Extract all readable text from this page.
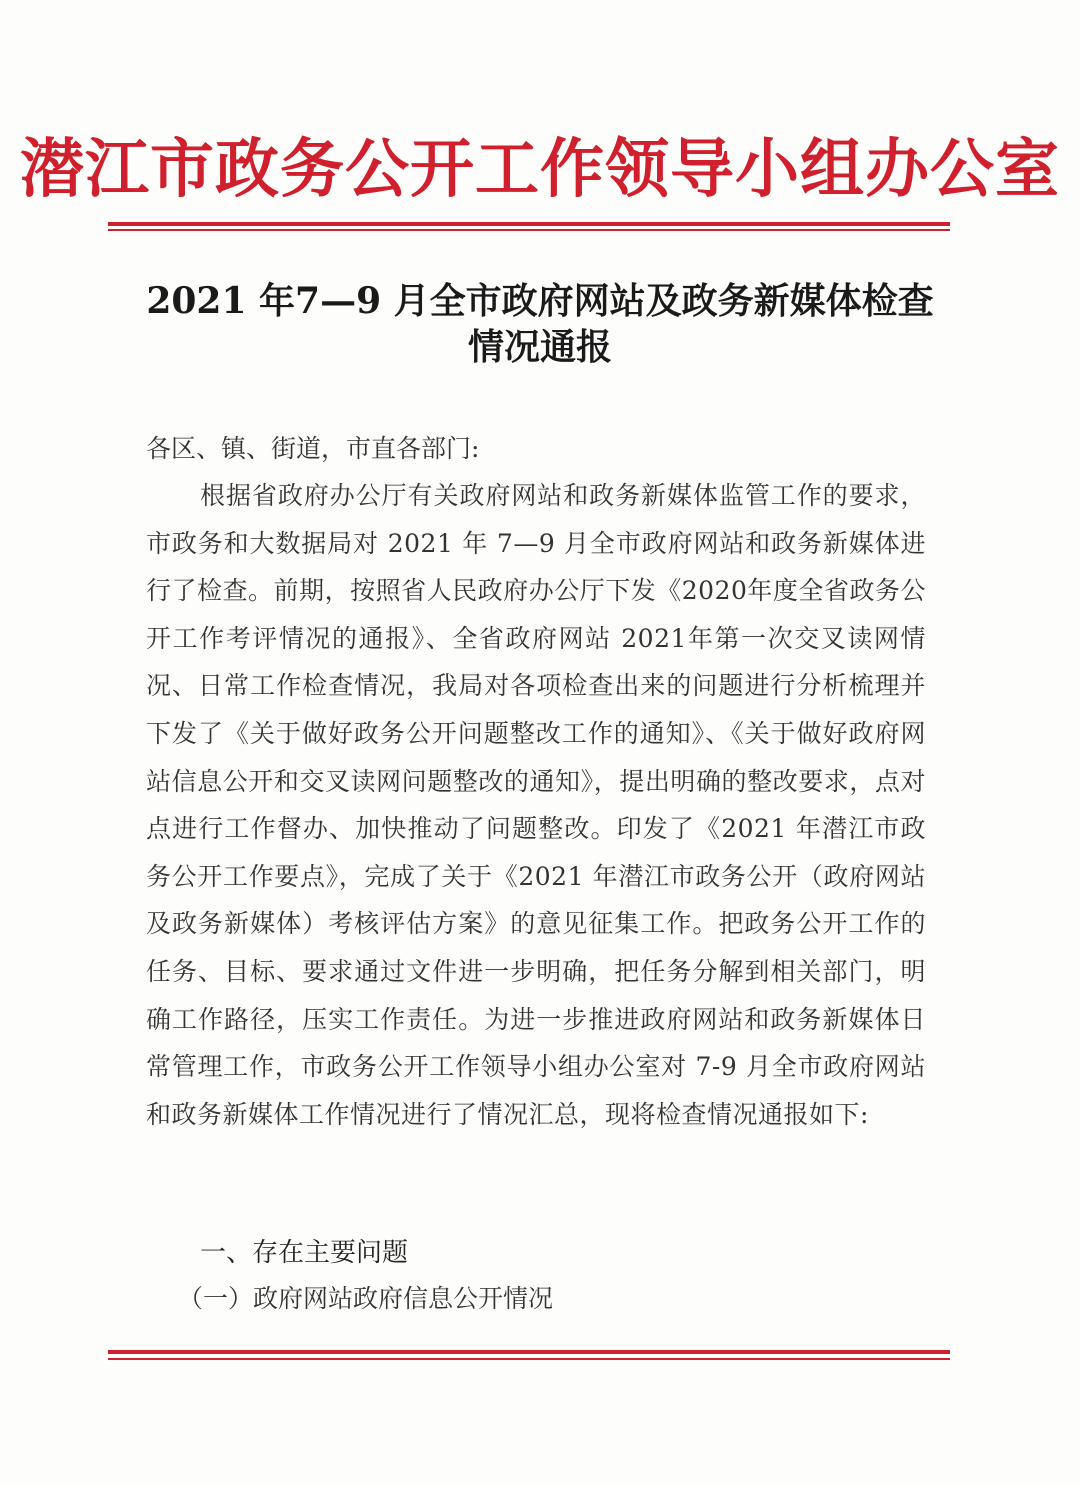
潜江市政务公开工作领导小组办公室
2021 年7—9 月全市政府网站及政务新媒体检查
情况通报
各区、镇、街道，市直各部门:
根据省政府办公厅有关政府网站和政务新媒体监管工作的要求，市政务和大数据局对 2021 年 7—9 月全市政府网站和政务新媒体进行了检查。前期，按照省人民政府办公厅下发《2020年度全省政务公开工作考评情况的通报》、全省政府网站 2021年第一次交叉读网情况、日常工作检查情况，我局对各项检查出来的问题进行分析梳理并下发了《关于做好政务公开问题整改工作的通知》、《关于做好政府网站信息公开和交叉读网问题整改的通知》，提出明确的整改要求，点对点进行工作督办、加快推动了问题整改。印发了《2021 年潜江市政务公开工作要点》，完成了关于《2021 年潜江市政务公开（政府网站及政务新媒体）考核评估方案》的意见征集工作。把政务公开工作的任务、目标、要求通过文件进一步明确，把任务分解到相关部门，明确工作路径，压实工作责任。为进一步推进政府网站和政务新媒体日常管理工作，市政务公开工作领导小组办公室对 7-9 月全市政府网站和政务新媒体工作情况进行了情况汇总，现将检查情况通报如下:
一、存在主要问题
（一）政府网站政府信息公开情况
